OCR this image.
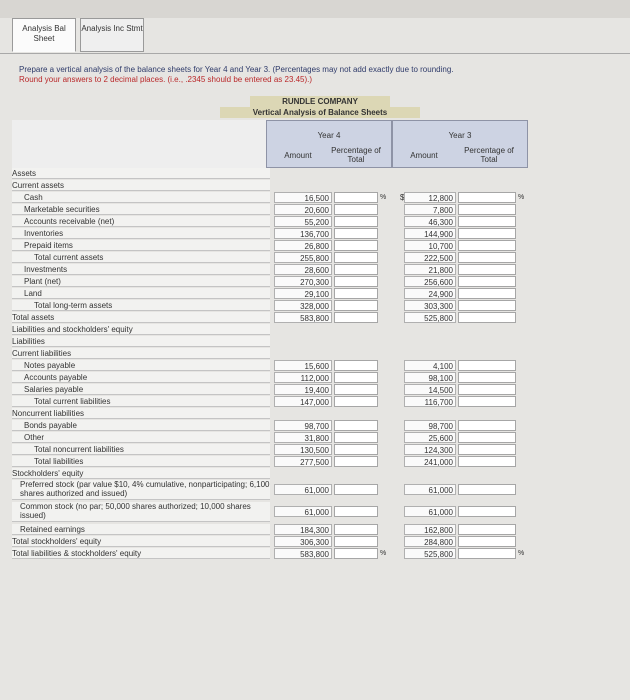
Analysis Bal Sheet
Analysis Inc Stmt
Prepare a vertical analysis of the balance sheets for Year 4 and Year 3. (Percentages may not add exactly due to rounding.
Round your answers to 2 decimal places. (i.e., .2345 should be entered as 23.45).)
RUNDLE COMPANY
Vertical Analysis of Balance Sheets
Year 4	Year 3
Amount
Percentage of Total	Amount
Percentage of Total
Assets
Current assets
Cash	16,500	%	$	12,800	%
Marketable securities	20,600	7,800
Accounts receivable (net)	55,200	46,300
Inventories	136,700	144,900
Prepaid items	26,800	10,700
Total current assets	255,800	222,500
Investments	28,600	21,800
Plant (net)	270,300	256,600
Land	29,100	24,900
Total long-term assets	328,000	303,300
Total assets	583,800	525,800
Liabilities and stockholders' equity
Liabilities
Current liabilities
Notes payable	15,600	4,100
Accounts payable	112,000	98,100
Salaries payable	19,400	14,500
Total current liabilities	147,000	116,700
Noncurrent liabilities
Bonds payable	98,700	98,700
Other	31,800	25,600
Total noncurrent liabilities	130,500	124,300
Total liabilities	277,500	241,000
Stockholders' equity
Preferred stock (par value $10, 4% cumulative, nonparticipating; 6,100 shares authorized and issued)	61,000	61,000
Common stock (no par; 50,000 shares authorized; 10,000 shares issued)	61,000	61,000
Retained earnings	184,300	162,800
Total stockholders' equity	306,300	284,800
Total liabilities & stockholders' equity	583,800	%	525,800	%
